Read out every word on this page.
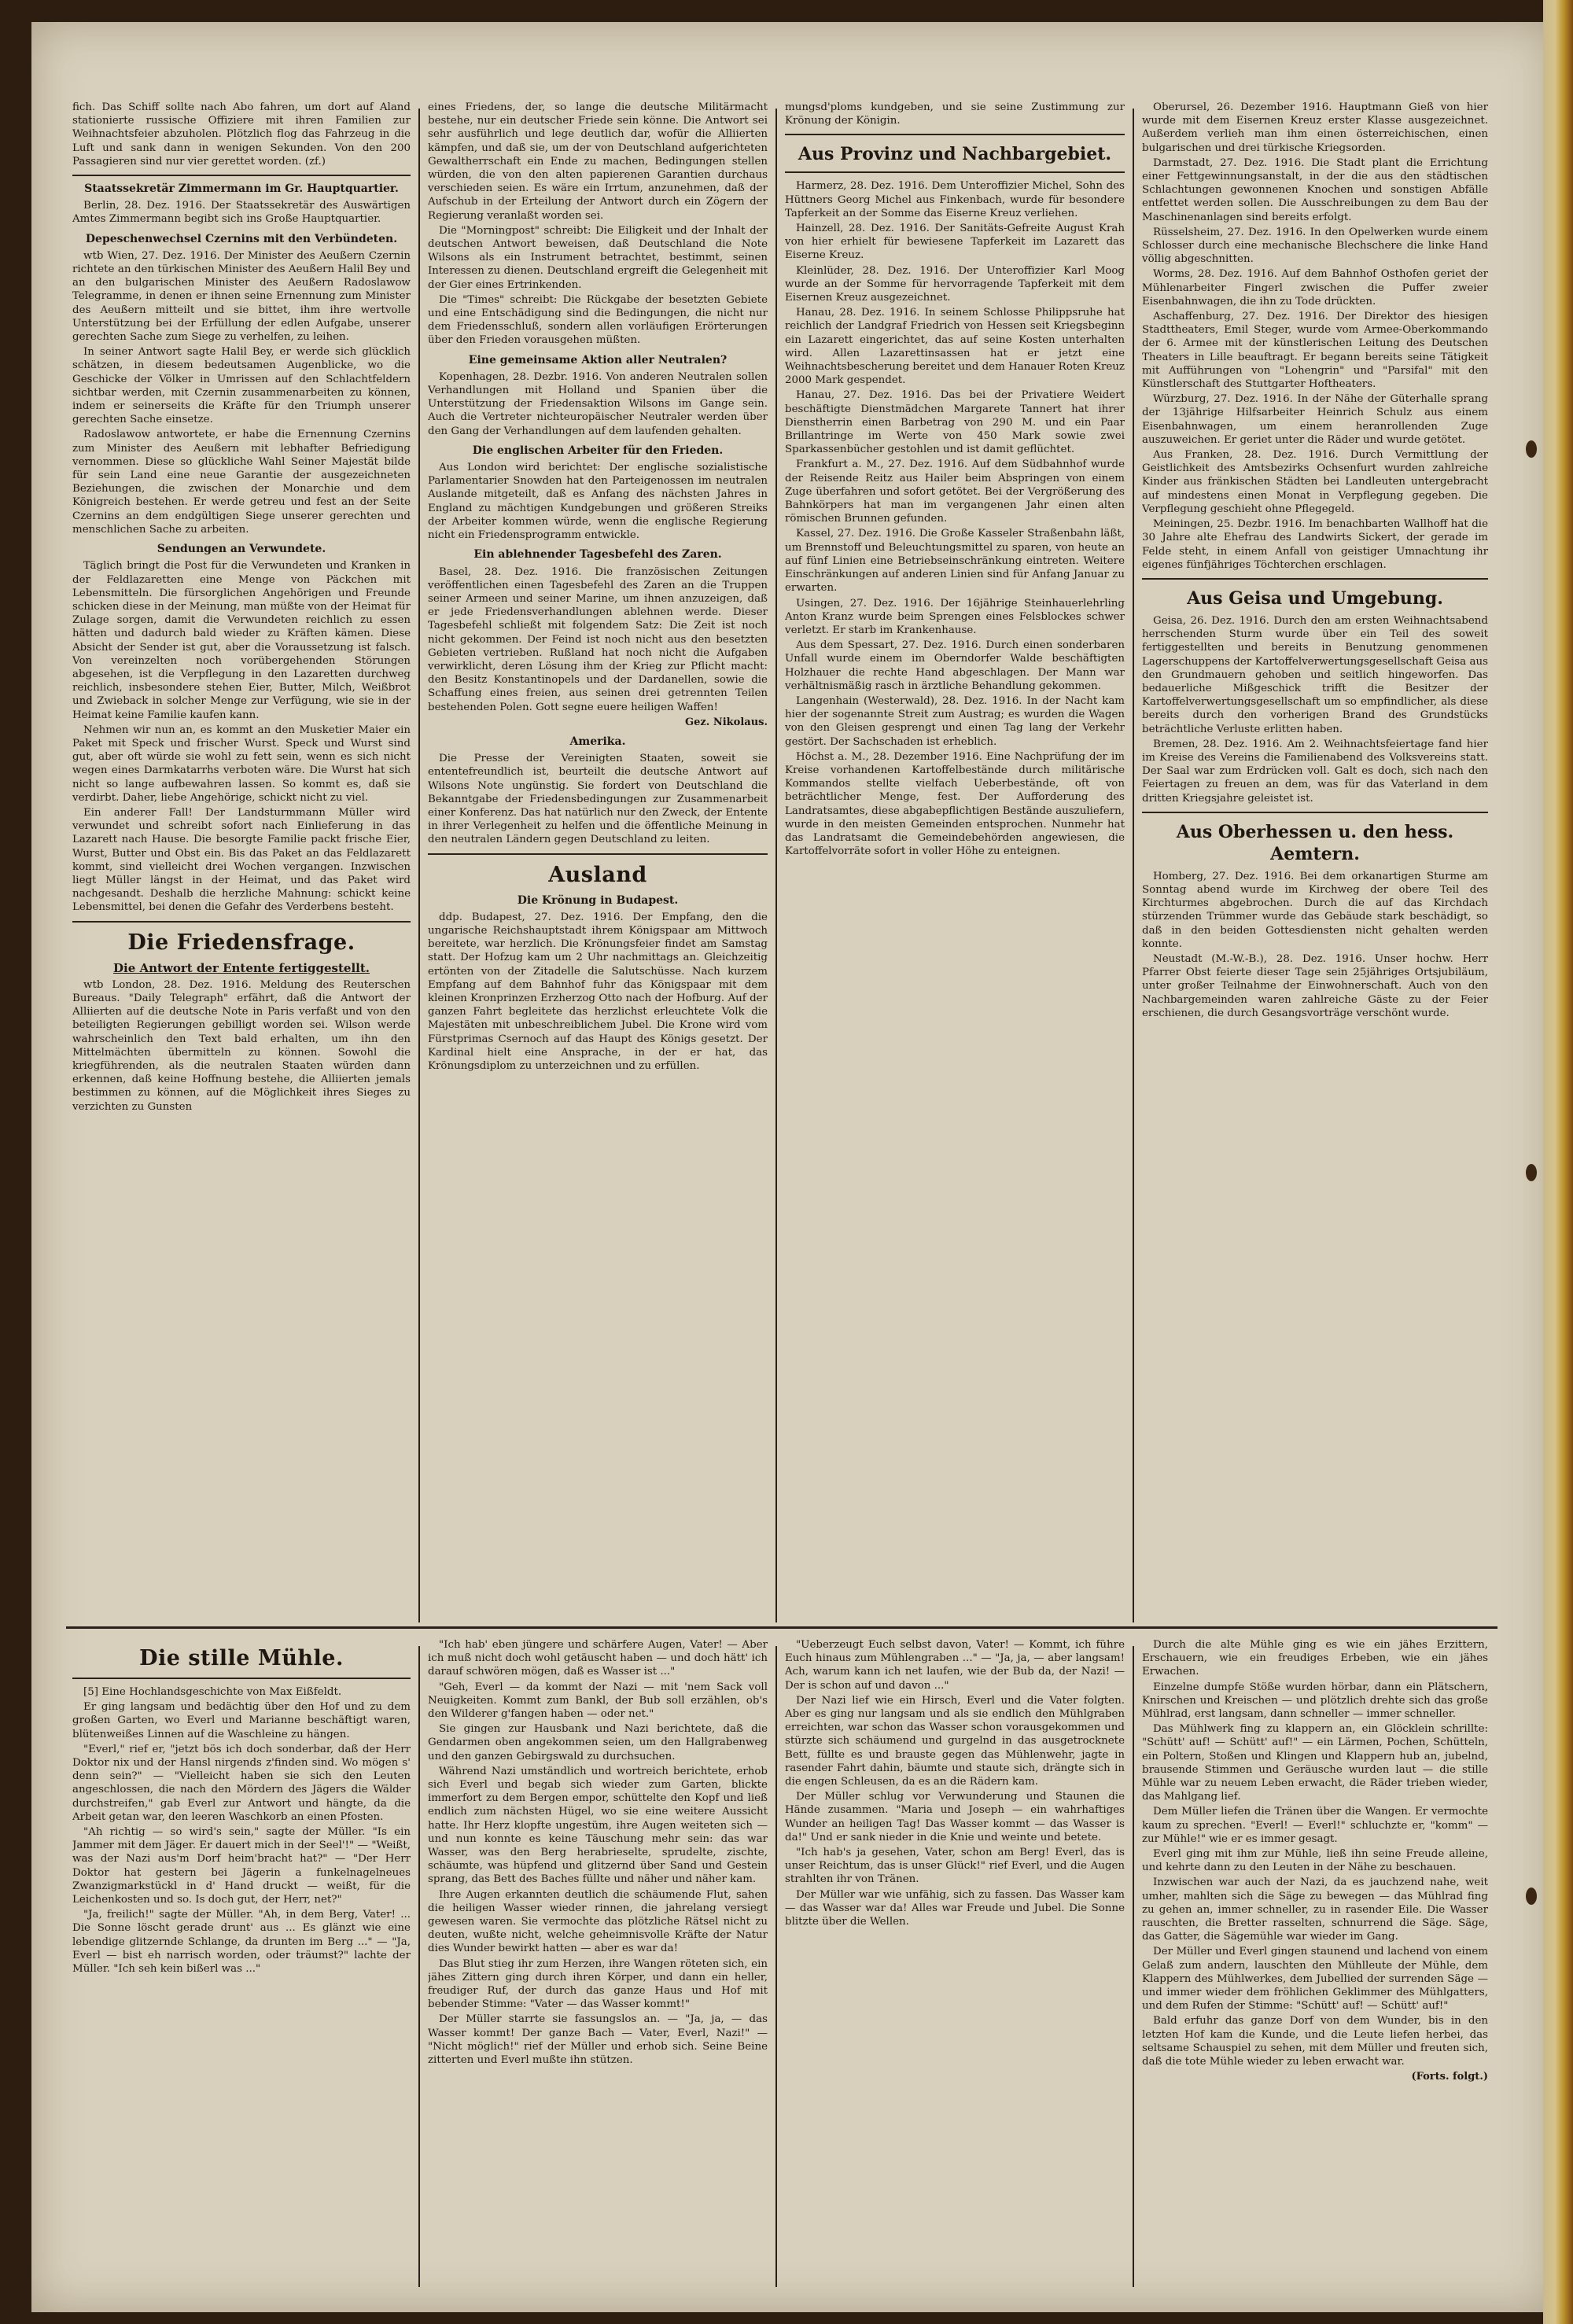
fich. Das Schiff sollte nach Abo fahren, um dort auf Aland stationierte russische Offiziere mit ihren Familien zur Weihnachtsfeier abzuholen. Plötzlich flog das Fahrzeug in die Luft und sank dann in wenigen Sekunden. Von den 200 Passagieren sind nur vier gerettet worden. (zf.)

Staatssekretär Zimmermann im Gr. Hauptquartier.

Berlin, 28. Dez. 1916. Der Staatssekretär des Auswärtigen Amtes Zimmermann begibt sich ins Große Hauptquartier.

Depeschenwechsel Czernins mit den Verbündeten.

wtb Wien, 27. Dez. 1916. Der Minister des Aeußern Czernin richtete an den türkischen Minister des Aeußern Halil Bey und an den bulgarischen Minister des Aeußern Radoslawow Telegramme, in denen er ihnen seine Ernennung zum Minister des Aeußern mitteilt und sie bittet, ihm ihre wertvolle Unterstützung bei der Erfüllung der edlen Aufgabe, unserer gerechten Sache zum Siege zu verhelfen, zu leihen.

In seiner Antwort sagte Halil Bey, er werde sich glücklich schätzen, in diesem bedeutsamen Augenblicke, wo die Geschicke der Völker in Umrissen auf den Schlachtfeldern sichtbar werden, mit Czernin zusammenarbeiten zu können, indem er seinerseits die Kräfte für den Triumph unserer gerechten Sache einsetze.

Radoslawow antwortete, er habe die Ernennung Czernins zum Minister des Aeußern mit lebhafter Befriedigung vernommen. Diese so glückliche Wahl Seiner Majestät bilde für sein Land eine neue Garantie der ausgezeichneten Beziehungen, die zwischen der Monarchie und dem Königreich bestehen. Er werde getreu und fest an der Seite Czernins an dem endgültigen Siege unserer gerechten und menschlichen Sache zu arbeiten.

Sendungen an Verwundete.

Täglich bringt die Post für die Verwundeten und Kranken in der Feldlazaretten eine Menge von Päckchen mit Lebensmitteln. Die fürsorglichen Angehörigen und Freunde schicken diese in der Meinung, man müßte von der Heimat für Zulage sorgen, damit die Verwundeten reichlich zu essen hätten und dadurch bald wieder zu Kräften kämen. Diese Absicht der Sender ist gut, aber die Voraussetzung ist falsch. Von vereinzelten noch vorübergehenden Störungen abgesehen, ist die Verpflegung in den Lazaretten durchweg reichlich, insbesondere stehen Eier, Butter, Milch, Weißbrot und Zwieback in solcher Menge zur Verfügung, wie sie in der Heimat keine Familie kaufen kann.

Nehmen wir nun an, es kommt an den Musketier Maier ein Paket mit Speck und frischer Wurst. Speck und Wurst sind gut, aber oft würde sie wohl zu fett sein, wenn es sich nicht wegen eines Darmkatarrhs verboten wäre. Die Wurst hat sich nicht so lange aufbewahren lassen. So kommt es, daß sie verdirbt. Daher, liebe Angehörige, schickt nicht zu viel.

Ein anderer Fall! Der Landsturmmann Müller wird verwundet und schreibt sofort nach Einlieferung in das Lazarett nach Hause. Die besorgte Familie packt frische Eier, Wurst, Butter und Obst ein. Bis das Paket an das Feldlazarett kommt, sind vielleicht drei Wochen vergangen. Inzwischen liegt Müller längst in der Heimat, und das Paket wird nachgesandt. Deshalb die herzliche Mahnung: schickt keine Lebensmittel, bei denen die Gefahr des Verderbens besteht.

Die Friedensfrage.
Die Antwort der Entente fertiggestellt.

wtb London, 28. Dez. 1916. Meldung des Reuterschen Bureaus. "Daily Telegraph" erfährt, daß die Antwort der Alliierten auf die deutsche Note in Paris verfaßt und von den beteiligten Regierungen gebilligt worden sei. Wilson werde wahrscheinlich den Text bald erhalten, um ihn den Mittelmächten übermitteln zu können. Sowohl die kriegführenden, als die neutralen Staaten würden dann erkennen, daß keine Hoffnung bestehe, die Alliierten jemals bestimmen zu können, auf die Möglichkeit ihres Sieges zu verzichten zu Gunsten

eines Friedens, der, so lange die deutsche Militärmacht bestehe, nur ein deutscher Friede sein könne. Die Antwort sei sehr ausführlich und lege deutlich dar, wofür die Alliierten kämpfen, und daß sie, um der von Deutschland aufgerichteten Gewaltherrschaft ein Ende zu machen, Bedingungen stellen würden, die von den alten papierenen Garantien durchaus verschieden seien. Es wäre ein Irrtum, anzunehmen, daß der Aufschub in der Erteilung der Antwort durch ein Zögern der Regierung veranlaßt worden sei.

Die "Morningpost" schreibt: Die Eiligkeit und der Inhalt der deutschen Antwort beweisen, daß Deutschland die Note Wilsons als ein Instrument betrachtet, bestimmt, seinen Interessen zu dienen. Deutschland ergreift die Gelegenheit mit der Gier eines Ertrinkenden.

Die "Times" schreibt: Die Rückgabe der besetzten Gebiete und eine Entschädigung sind die Bedingungen, die nicht nur dem Friedensschluß, sondern allen vorläufigen Erörterungen über den Frieden vorausgehen müßten.

Eine gemeinsame Aktion aller Neutralen?

Kopenhagen, 28. Dezbr. 1916. Von anderen Neutralen sollen Verhandlungen mit Holland und Spanien über die Unterstützung der Friedensaktion Wilsons im Gange sein. Auch die Vertreter nichteuropäischer Neutraler werden über den Gang der Verhandlungen auf dem laufenden gehalten.

Die englischen Arbeiter für den Frieden.

Aus London wird berichtet: Der englische sozialistische Parlamentarier Snowden hat den Parteigenossen im neutralen Auslande mitgeteilt, daß es Anfang des nächsten Jahres in England zu mächtigen Kundgebungen und größeren Streiks der Arbeiter kommen würde, wenn die englische Regierung nicht ein Friedensprogramm entwickle.

Ein ablehnender Tagesbefehl des Zaren.

Basel, 28. Dez. 1916. Die französischen Zeitungen veröffentlichen einen Tagesbefehl des Zaren an die Truppen seiner Armeen und seiner Marine, um ihnen anzuzeigen, daß er jede Friedensverhandlungen ablehnen werde. Dieser Tagesbefehl schließt mit folgendem Satz: Die Zeit ist noch nicht gekommen. Der Feind ist noch nicht aus den besetzten Gebieten vertrieben. Rußland hat noch nicht die Aufgaben verwirklicht, deren Lösung ihm der Krieg zur Pflicht macht: den Besitz Konstantinopels und der Dardanellen, sowie die Schaffung eines freien, aus seinen drei getrennten Teilen bestehenden Polen. Gott segne euere heiligen Waffen!

Gez. Nikolaus.
Amerika.

Die Presse der Vereinigten Staaten, soweit sie ententefreundlich ist, beurteilt die deutsche Antwort auf Wilsons Note ungünstig. Sie fordert von Deutschland die Bekanntgabe der Friedensbedingungen zur Zusammenarbeit einer Konferenz. Das hat natürlich nur den Zweck, der Entente in ihrer Verlegenheit zu helfen und die öffentliche Meinung in den neutralen Ländern gegen Deutschland zu leiten.

Ausland
Die Krönung in Budapest.

ddp. Budapest, 27. Dez. 1916. Der Empfang, den die ungarische Reichshauptstadt ihrem Königspaar am Mittwoch bereitete, war herzlich. Die Krönungsfeier findet am Samstag statt. Der Hofzug kam um 2 Uhr nachmittags an. Gleichzeitig ertönten von der Zitadelle die Salutschüsse. Nach kurzem Empfang auf dem Bahnhof fuhr das Königspaar mit dem kleinen Kronprinzen Erzherzog Otto nach der Hofburg. Auf der ganzen Fahrt begleitete das herzlichst erleuchtete Volk die Majestäten mit unbeschreiblichem Jubel. Die Krone wird vom Fürstprimas Csernoch auf das Haupt des Königs gesetzt. Der Kardinal hielt eine Ansprache, in der er hat, das Krönungsdiplom zu unterzeichnen und zu erfüllen.

mungsd'ploms kundgeben, und sie seine Zustimmung zur Krönung der Königin.

Aus Provinz und Nachbargebiet.

Harmerz, 28. Dez. 1916. Dem Unteroffizier Michel, Sohn des Hüttners Georg Michel aus Finkenbach, wurde für besondere Tapferkeit an der Somme das Eiserne Kreuz verliehen.

Hainzell, 28. Dez. 1916. Der Sanitäts-Gefreite August Krah von hier erhielt für bewiesene Tapferkeit im Lazarett das Eiserne Kreuz.

Kleinlüder, 28. Dez. 1916. Der Unteroffizier Karl Moog wurde an der Somme für hervorragende Tapferkeit mit dem Eisernen Kreuz ausgezeichnet.

Hanau, 28. Dez. 1916. In seinem Schlosse Philippsruhe hat reichlich der Landgraf Friedrich von Hessen seit Kriegsbeginn ein Lazarett eingerichtet, das auf seine Kosten unterhalten wird. Allen Lazarettinsassen hat er jetzt eine Weihnachtsbescherung bereitet und dem Hanauer Roten Kreuz 2000 Mark gespendet.

Hanau, 27. Dez. 1916. Das bei der Privatiere Weidert beschäftigte Dienstmädchen Margarete Tannert hat ihrer Dienstherrin einen Barbetrag von 290 M. und ein Paar Brillantringe im Werte von 450 Mark sowie zwei Sparkassenbücher gestohlen und ist damit geflüchtet.

Frankfurt a. M., 27. Dez. 1916. Auf dem Südbahnhof wurde der Reisende Reitz aus Hailer beim Abspringen von einem Zuge überfahren und sofort getötet. Bei der Vergrößerung des Bahnkörpers hat man im vergangenen Jahr einen alten römischen Brunnen gefunden.

Kassel, 27. Dez. 1916. Die Große Kasseler Straßenbahn läßt, um Brennstoff und Beleuchtungsmittel zu sparen, von heute an auf fünf Linien eine Betriebseinschränkung eintreten. Weitere Einschränkungen auf anderen Linien sind für Anfang Januar zu erwarten.

Usingen, 27. Dez. 1916. Der 16jährige Steinhauerlehrling Anton Kranz wurde beim Sprengen eines Felsblockes schwer verletzt. Er starb im Krankenhause.

Aus dem Spessart, 27. Dez. 1916. Durch einen sonderbaren Unfall wurde einem im Oberndorfer Walde beschäftigten Holzhauer die rechte Hand abgeschlagen. Der Mann war verhältnismäßig rasch in ärztliche Behandlung gekommen.

Langenhain (Westerwald), 28. Dez. 1916. In der Nacht kam hier der sogenannte Streit zum Austrag; es wurden die Wagen von den Gleisen gesprengt und einen Tag lang der Verkehr gestört. Der Sachschaden ist erheblich.

Höchst a. M., 28. Dezember 1916. Eine Nachprüfung der im Kreise vorhandenen Kartoffelbestände durch militärische Kommandos stellte vielfach Ueberbestände, oft von beträchtlicher Menge, fest. Der Aufforderung des Landratsamtes, diese abgabepflichtigen Bestände auszuliefern, wurde in den meisten Gemeinden entsprochen. Nunmehr hat das Landratsamt die Gemeindebehörden angewiesen, die Kartoffelvorräte sofort in voller Höhe zu enteignen.

Oberursel, 26. Dezember 1916. Hauptmann Gieß von hier wurde mit dem Eisernen Kreuz erster Klasse ausgezeichnet. Außerdem verlieh man ihm einen österreichischen, einen bulgarischen und drei türkische Kriegsorden.

Darmstadt, 27. Dez. 1916. Die Stadt plant die Errichtung einer Fettgewinnungsanstalt, in der die aus den städtischen Schlachtungen gewonnenen Knochen und sonstigen Abfälle entfettet werden sollen. Die Ausschreibungen zu dem Bau der Maschinenanlagen sind bereits erfolgt.

Rüsselsheim, 27. Dez. 1916. In den Opelwerken wurde einem Schlosser durch eine mechanische Blechschere die linke Hand völlig abgeschnitten.

Worms, 28. Dez. 1916. Auf dem Bahnhof Osthofen geriet der Mühlenarbeiter Fingerl zwischen die Puffer zweier Eisenbahnwagen, die ihn zu Tode drückten.

Aschaffenburg, 27. Dez. 1916. Der Direktor des hiesigen Stadttheaters, Emil Steger, wurde vom Armee-Oberkommando der 6. Armee mit der künstlerischen Leitung des Deutschen Theaters in Lille beauftragt. Er begann bereits seine Tätigkeit mit Aufführungen von "Lohengrin" und "Parsifal" mit den Künstlerschaft des Stuttgarter Hoftheaters.

Würzburg, 27. Dez. 1916. In der Nähe der Güterhalle sprang der 13jährige Hilfsarbeiter Heinrich Schulz aus einem Eisenbahnwagen, um einem heranrollenden Zuge auszuweichen. Er geriet unter die Räder und wurde getötet.

Aus Franken, 28. Dez. 1916. Durch Vermittlung der Geistlichkeit des Amtsbezirks Ochsenfurt wurden zahlreiche Kinder aus fränkischen Städten bei Landleuten untergebracht auf mindestens einen Monat in Verpflegung gegeben. Die Verpflegung geschieht ohne Pflegegeld.

Meiningen, 25. Dezbr. 1916. Im benachbarten Wallhoff hat die 30 Jahre alte Ehefrau des Landwirts Sickert, der gerade im Felde steht, in einem Anfall von geistiger Umnachtung ihr eigenes fünfjähriges Töchterchen erschlagen.

Aus Geisa und Umgebung.

Geisa, 26. Dez. 1916. Durch den am ersten Weihnachtsabend herrschenden Sturm wurde über ein Teil des soweit fertiggestellten und bereits in Benutzung genommenen Lagerschuppens der Kartoffelverwertungsgesellschaft Geisa aus den Grundmauern gehoben und seitlich hingeworfen. Das bedauerliche Mißgeschick trifft die Besitzer der Kartoffelverwertungsgesellschaft um so empfindlicher, als diese bereits durch den vorherigen Brand des Grundstücks beträchtliche Verluste erlitten haben.

Bremen, 28. Dez. 1916. Am 2. Weihnachtsfeiertage fand hier im Kreise des Vereins die Familienabend des Volksvereins statt. Der Saal war zum Erdrücken voll. Galt es doch, sich nach den Feiertagen zu freuen an dem, was für das Vaterland in dem dritten Kriegsjahre geleistet ist.

Aus Oberhessen u. den hess. Aemtern.

Homberg, 27. Dez. 1916. Bei dem orkanartigen Sturme am Sonntag abend wurde im Kirchweg der obere Teil des Kirchturmes abgebrochen. Durch die auf das Kirchdach stürzenden Trümmer wurde das Gebäude stark beschädigt, so daß in den beiden Gottesdiensten nicht gehalten werden konnte.

Neustadt (M.-W.-B.), 28. Dez. 1916. Unser hochw. Herr Pfarrer Obst feierte dieser Tage sein 25jähriges Ortsjubiläum, unter großer Teilnahme der Einwohnerschaft. Auch von den Nachbargemeinden waren zahlreiche Gäste zu der Feier erschienen, die durch Gesangsvorträge verschönt wurde.

Die stille Mühle.

[5] Eine Hochlandsgeschichte von Max Eißfeldt.

Er ging langsam und bedächtig über den Hof und zu dem großen Garten, wo Everl und Marianne beschäftigt waren, blütenweißes Linnen auf die Waschleine zu hängen.

"Everl," rief er, "jetzt bös ich doch sonderbar, daß der Herr Doktor nix und der Hansl nirgends z'finden sind. Wo mögen s' denn sein?" — "Vielleicht haben sie sich den Leuten angeschlossen, die nach den Mördern des Jägers die Wälder durchstreifen," gab Everl zur Antwort und hängte, da die Arbeit getan war, den leeren Waschkorb an einen Pfosten.

"Ah richtig — so wird's sein," sagte der Müller. "Is ein Jammer mit dem Jäger. Er dauert mich in der Seel'!" — "Weißt, was der Nazi aus'm Dorf heim'bracht hat?" — "Der Herr Doktor hat gestern bei Jägerin a funkelnagelneues Zwanzigmarkstückl in d' Hand druckt — weißt, für die Leichenkosten und so. Is doch gut, der Herr, net?"

"Ja, freilich!" sagte der Müller. "Ah, in dem Berg, Vater! ... Die Sonne löscht gerade drunt' aus ... Es glänzt wie eine lebendige glitzernde Schlange, da drunten im Berg ..." — "Ja, Everl — bist eh narrisch worden, oder träumst?" lachte der Müller. "Ich seh kein bißerl was ..."

"Ich hab' eben jüngere und schärfere Augen, Vater! — Aber ich muß nicht doch wohl getäuscht haben — und doch hätt' ich darauf schwören mögen, daß es Wasser ist ..."

"Geh, Everl — da kommt der Nazi — mit 'nem Sack voll Neuigkeiten. Kommt zum Bankl, der Bub soll erzählen, ob's den Wilderer g'fangen haben — oder net."

Sie gingen zur Hausbank und Nazi berichtete, daß die Gendarmen oben angekommen seien, um den Hallgrabenweg und den ganzen Gebirgswald zu durchsuchen.

Während Nazi umständlich und wortreich berichtete, erhob sich Everl und begab sich wieder zum Garten, blickte immerfort zu dem Bergen empor, schüttelte den Kopf und ließ endlich zum nächsten Hügel, wo sie eine weitere Aussicht hatte. Ihr Herz klopfte ungestüm, ihre Augen weiteten sich — und nun konnte es keine Täuschung mehr sein: das war Wasser, was den Berg herabrieselte, sprudelte, zischte, schäumte, was hüpfend und glitzernd über Sand und Gestein sprang, das Bett des Baches füllte und näher und näher kam.

Ihre Augen erkannten deutlich die schäumende Flut, sahen die heiligen Wasser wieder rinnen, die jahrelang versiegt gewesen waren. Sie vermochte das plötzliche Rätsel nicht zu deuten, wußte nicht, welche geheimnisvolle Kräfte der Natur dies Wunder bewirkt hatten — aber es war da!

Das Blut stieg ihr zum Herzen, ihre Wangen röteten sich, ein jähes Zittern ging durch ihren Körper, und dann ein heller, freudiger Ruf, der durch das ganze Haus und Hof mit bebender Stimme: "Vater — das Wasser kommt!"

Der Müller starrte sie fassungslos an. — "Ja, ja, — das Wasser kommt! Der ganze Bach — Vater, Everl, Nazi!" — "Nicht möglich!" rief der Müller und erhob sich. Seine Beine zitterten und Everl mußte ihn stützen.

"Ueberzeugt Euch selbst davon, Vater! — Kommt, ich führe Euch hinaus zum Mühlengraben ..." — "Ja, ja, — aber langsam! Ach, warum kann ich net laufen, wie der Bub da, der Nazi! — Der is schon auf und davon ..."

Der Nazi lief wie ein Hirsch, Everl und die Vater folgten. Aber es ging nur langsam und als sie endlich den Mühlgraben erreichten, war schon das Wasser schon vorausgekommen und stürzte sich schäumend und gurgelnd in das ausgetrocknete Bett, füllte es und brauste gegen das Mühlenwehr, jagte in rasender Fahrt dahin, bäumte und staute sich, drängte sich in die engen Schleusen, da es an die Rädern kam.

Der Müller schlug vor Verwunderung und Staunen die Hände zusammen. "Maria und Joseph — ein wahrhaftiges Wunder an heiligen Tag! Das Wasser kommt — das Wasser is da!" Und er sank nieder in die Knie und weinte und betete.

"Ich hab's ja gesehen, Vater, schon am Berg! Everl, das is unser Reichtum, das is unser Glück!" rief Everl, und die Augen strahlten ihr von Tränen.

Der Müller war wie unfähig, sich zu fassen. Das Wasser kam — das Wasser war da! Alles war Freude und Jubel. Die Sonne blitzte über die Wellen.

Durch die alte Mühle ging es wie ein jähes Erzittern, Erschauern, wie ein freudiges Erbeben, wie ein jähes Erwachen.

Einzelne dumpfe Stöße wurden hörbar, dann ein Plätschern, Knirschen und Kreischen — und plötzlich drehte sich das große Mühlrad, erst langsam, dann schneller — immer schneller.

Das Mühlwerk fing zu klappern an, ein Glöcklein schrillte: "Schütt' auf! — Schütt' auf!" — ein Lärmen, Pochen, Schütteln, ein Poltern, Stoßen und Klingen und Klappern hub an, jubelnd, brausende Stimmen und Geräusche wurden laut — die stille Mühle war zu neuem Leben erwacht, die Räder trieben wieder, das Mahlgang lief.

Dem Müller liefen die Tränen über die Wangen. Er vermochte kaum zu sprechen. "Everl! — Everl!" schluchzte er, "komm" — zur Mühle!" wie er es immer gesagt.

Everl ging mit ihm zur Mühle, ließ ihn seine Freude alleine, und kehrte dann zu den Leuten in der Nähe zu beschauen.

Inzwischen war auch der Nazi, da es jauchzend nahe, weit umher, mahlten sich die Säge zu bewegen — das Mühlrad fing zu gehen an, immer schneller, zu in rasender Eile. Die Wasser rauschten, die Bretter rasselten, schnurrend die Säge. Säge, das Gatter, die Sägemühle war wieder im Gang.

Der Müller und Everl gingen staunend und lachend von einem Gelaß zum andern, lauschten den Mühlleute der Mühle, dem Klappern des Mühlwerkes, dem Jubellied der surrenden Säge — und immer wieder dem fröhlichen Geklimmer des Mühlgatters, und dem Rufen der Stimme: "Schütt' auf! — Schütt' auf!"

Bald erfuhr das ganze Dorf von dem Wunder, bis in den letzten Hof kam die Kunde, und die Leute liefen herbei, das seltsame Schauspiel zu sehen, mit dem Müller und freuten sich, daß die tote Mühle wieder zu leben erwacht war.

(Forts. folgt.)
